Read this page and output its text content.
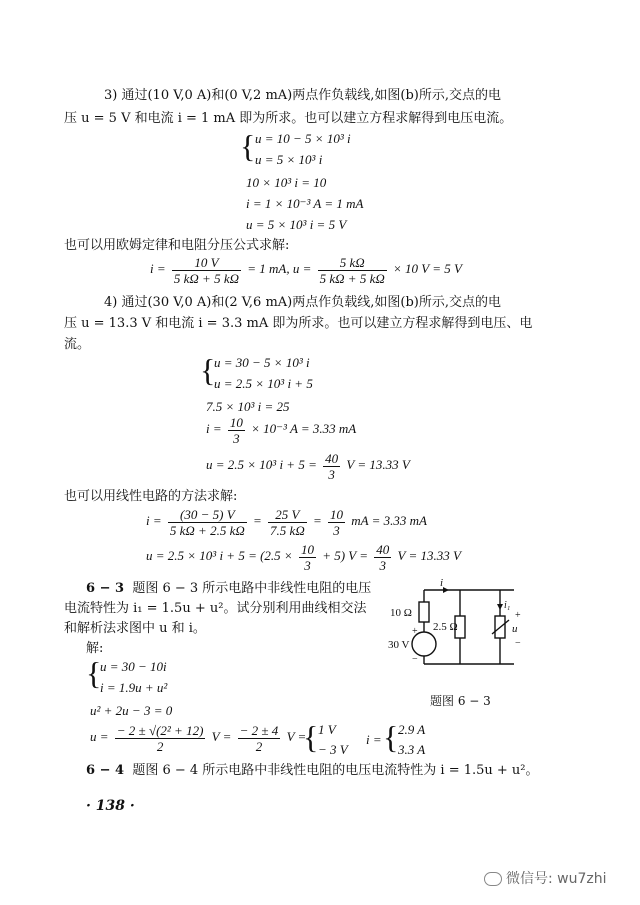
3) 通过(10 V,0 A)和(0 V,2 mA)两点作负载线,如图(b)所示,交点的电
压 u = 5 V 和电流 i = 1 mA 即为所求。也可以建立方程求解得到电压电流。
{ u = 10 − 5 × 10³ i
u = 5 × 10³ i
10 × 10³ i = 10
i = 1 × 10⁻³ A = 1 mA
u = 5 × 10³ i = 5 V
也可以用欧姆定律和电阻分压公式求解:
$i = \frac{10 V}{5 k\Omega + 5 k\Omega} = 1$ mA, $u = \frac{5 k\Omega}{5 k\Omega + 5 k\Omega} \times 10$ V = 5 V
4) 通过(30 V,0 A)和(2 V,6 mA)两点作负载线,如图(b)所示,交点的电
压 u = 13.3 V 和电流 i = 3.3 mA 即为所求。也可以建立方程求解得到电压、电
流。
{
u = 30 − 5 × 10³ i
u = 2.5 × 10³ i + 5
7.5 × 10³ i = 25
$i = \frac{10}{3} \times 10^{-3}$ A = 3.33 mA
u = 2.5 × 10³ $i + 5 = \frac{40}{3}$ V = 13.33 V
也可以用线性电路的方法求解:
$i = \frac{(30 - 5) V}{5 k\Omega + 2.5 k\Omega} = \frac{25 V}{7.5 k\Omega} = \frac{10}{3}$ mA = 3.33 mA
u = 2.5 × 10³ $i + 5 = (2.5 \times \frac{10}{3} + 5)$ $V = \frac{40}{3}$ V = 13.33 V
6 − 3 题图 6 − 3 所示电路中非线性电阻的电压
电流特性为 i₁ = 1.5u + u²。试分别利用曲线相交法
和解析法求图中 u 和 i。
解:
{
u = 30 − 10i
i = 1.9u + u²
u² + 2u − 3 = 0
$u = \frac{\text{− 2 ± √(2² + 12)}}{2}$ $V = \frac{- 2 \pm 4}{2}$ V =
{ 1 V
− 3 V
i = { 2.9 A
3.3 A
10 Ω
30 V
+
−
2.5 Ω
i
i₁
+
u
−
题图 6 − 3
6 − 4 题图 6 − 4 所示电路中非线性电阻的电压电流特性为 i = 1.5u + u²。
· 138 ·
微信号: wu7zhi
